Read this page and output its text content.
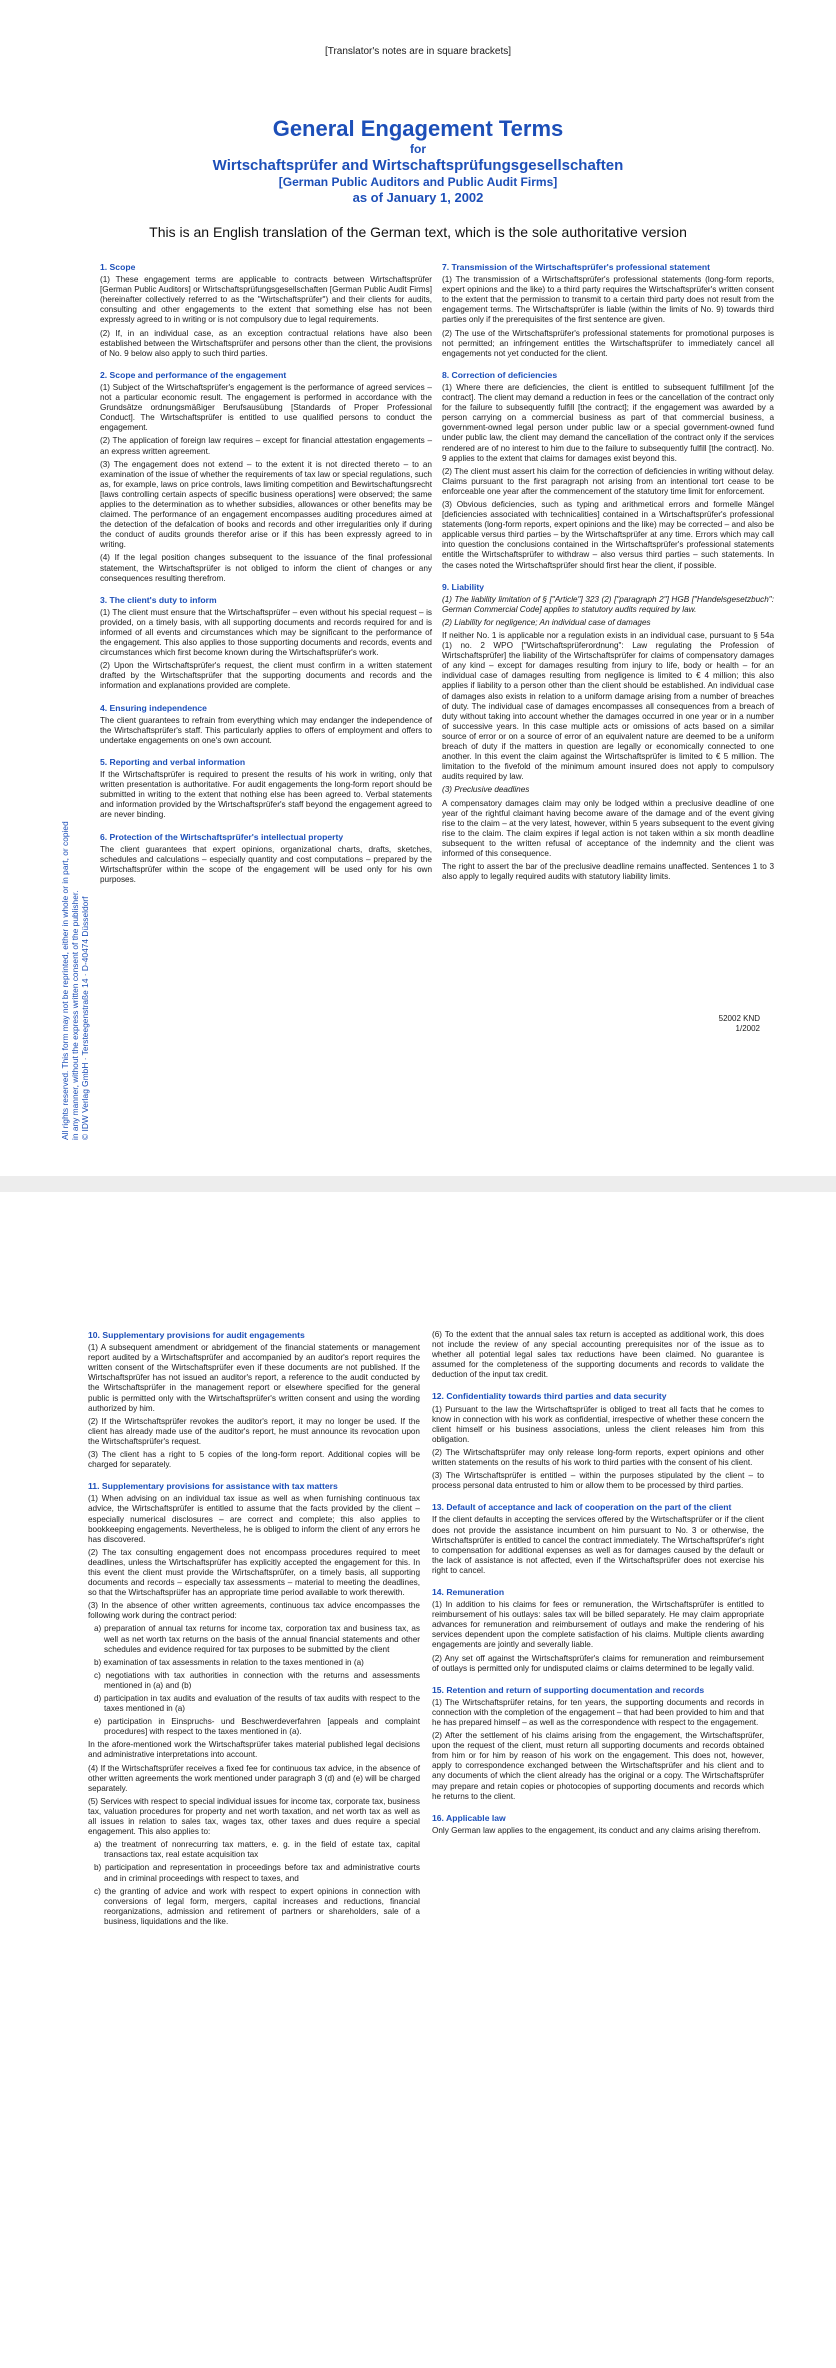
[Translator's notes are in square brackets]
General Engagement Terms
for
Wirtschaftsprüfer and Wirtschaftsprüfungsgesellschaften
[German Public Auditors and Public Audit Firms]
as of January 1, 2002
This is an English translation of the German text, which is the sole authoritative version
1. Scope
(1) These engagement terms are applicable to contracts between Wirtschaftsprüfer [German Public Auditors] or Wirtschaftsprüfungsgesellschaften [German Public Audit Firms] (hereinafter collectively referred to as the "Wirtschaftsprüfer") and their clients for audits, consulting and other engagements to the extent that something else has not been expressly agreed to in writing or is not compulsory due to legal requirements.
(2) If, in an individual case, as an exception contractual relations have also been established between the Wirtschaftsprüfer and persons other than the client, the provisions of No. 9 below also apply to such third parties.
2. Scope and performance of the engagement
(1) Subject of the Wirtschaftsprüfer's engagement is the performance of agreed services – not a particular economic result. The engagement is performed in accordance with the Grundsätze ordnungsmäßiger Berufsausübung [Standards of Proper Professional Conduct]. The Wirtschaftsprüfer is entitled to use qualified persons to conduct the engagement.
(2) The application of foreign law requires – except for financial attestation engagements – an express written agreement.
(3) The engagement does not extend – to the extent it is not directed thereto – to an examination of the issue of whether the requirements of tax law or special regulations, such as, for example, laws on price controls, laws limiting competition and Bewirtschaftungsrecht [laws controlling certain aspects of specific business operations] were observed; the same applies to the determination as to whether subsidies, allowances or other benefits may be claimed. The performance of an engagement encompasses auditing procedures aimed at the detection of the defalcation of books and records and other irregularities only if during the conduct of audits grounds therefor arise or if this has been expressly agreed to in writing.
(4) If the legal position changes subsequent to the issuance of the final professional statement, the Wirtschaftsprüfer is not obliged to inform the client of changes or any consequences resulting therefrom.
3. The client's duty to inform
(1) The client must ensure that the Wirtschaftsprüfer – even without his special request – is provided, on a timely basis, with all supporting documents and records required for and is informed of all events and circumstances which may be significant to the performance of the engagement. This also applies to those supporting documents and records, events and circumstances which first become known during the Wirtschaftsprüfer's work.
(2) Upon the Wirtschaftsprüfer's request, the client must confirm in a written statement drafted by the Wirtschaftsprüfer that the supporting documents and records and the information and explanations provided are complete.
4. Ensuring independence
The client guarantees to refrain from everything which may endanger the independence of the Wirtschaftsprüfer's staff. This particularly applies to offers of employment and offers to undertake engagements on one's own account.
5. Reporting and verbal information
If the Wirtschaftsprüfer is required to present the results of his work in writing, only that written presentation is authoritative. For audit engagements the long-form report should be submitted in writing to the extent that nothing else has been agreed to. Verbal statements and information provided by the Wirtschaftsprüfer's staff beyond the engagement agreed to are never binding.
6. Protection of the Wirtschaftsprüfer's intellectual property
The client guarantees that expert opinions, organizational charts, drafts, sketches, schedules and calculations – especially quantity and cost computations – prepared by the Wirtschaftsprüfer within the scope of the engagement will be used only for his own purposes.
7. Transmission of the Wirtschaftsprüfer's professional statement
(1) The transmission of a Wirtschaftsprüfer's professional statements (long-form reports, expert opinions and the like) to a third party requires the Wirtschaftsprüfer's written consent to the extent that the permission to transmit to a certain third party does not result from the engagement terms. The Wirtschaftsprüfer is liable (within the limits of No. 9) towards third parties only if the prerequisites of the first sentence are given.
(2) The use of the Wirtschaftsprüfer's professional statements for promotional purposes is not permitted; an infringement entitles the Wirtschaftsprüfer to immediately cancel all engagements not yet conducted for the client.
8. Correction of deficiencies
(1) Where there are deficiencies, the client is entitled to subsequent fulfillment [of the contract]. The client may demand a reduction in fees or the cancellation of the contract only for the failure to subsequently fulfill [the contract]; if the engagement was awarded by a person carrying on a commercial business as part of that commercial business, a government-owned legal person under public law or a special government-owned fund under public law, the client may demand the cancellation of the contract only if the services rendered are of no interest to him due to the failure to subsequently fulfill [the contract]. No. 9 applies to the extent that claims for damages exist beyond this.
(2) The client must assert his claim for the correction of deficiencies in writing without delay. Claims pursuant to the first paragraph not arising from an intentional tort cease to be enforceable one year after the commencement of the statutory time limit for enforcement.
(3) Obvious deficiencies, such as typing and arithmetical errors and formelle Mängel [deficiencies associated with technicalities] contained in a Wirtschaftsprüfer's professional statements (long-form reports, expert opinions and the like) may be corrected – and also be applicable versus third parties – by the Wirtschaftsprüfer at any time. Errors which may call into question the conclusions contained in the Wirtschaftsprüfer's professional statements entitle the Wirtschaftsprüfer to withdraw – also versus third parties – such statements. In the cases noted the Wirtschaftsprüfer should first hear the client, if possible.
9. Liability
(1) The liability limitation of § ["Article"] 323 (2) ["paragraph 2"] HGB ["Handelsgesetzbuch": German Commercial Code] applies to statutory audits required by law.
(2) Liability for negligence; An individual case of damages
If neither No. 1 is applicable nor a regulation exists in an individual case, pursuant to § 54a (1) no. 2 WPO ["Wirtschaftsprüferordnung": Law regulating the Profession of Wirtschaftsprüfer] the liability of the Wirtschaftsprüfer for claims of compensatory damages of any kind – except for damages resulting from injury to life, body or health – for an individual case of damages resulting from negligence is limited to € 4 million; this also applies if liability to a person other than the client should be established. An individual case of damages also exists in relation to a uniform damage arising from a number of breaches of duty. The individual case of damages encompasses all consequences from a breach of duty without taking into account whether the damages occurred in one year or in a number of successive years. In this case multiple acts or omissions of acts based on a similar source of error or on a source of error of an equivalent nature are deemed to be a uniform breach of duty if the matters in question are legally or economically connected to one another. In this event the claim against the Wirtschaftsprüfer is limited to € 5 million. The limitation to the fivefold of the minimum amount insured does not apply to compulsory audits required by law.
(3) Preclusive deadlines
A compensatory damages claim may only be lodged within a preclusive deadline of one year of the rightful claimant having become aware of the damage and of the event giving rise to the claim – at the very latest, however, within 5 years subsequent to the event giving rise to the claim. The claim expires if legal action is not taken within a six month deadline subsequent to the written refusal of acceptance of the indemnity and the client was informed of this consequence.
The right to assert the bar of the preclusive deadline remains unaffected. Sentences 1 to 3 also apply to legally required audits with statutory liability limits.
All rights reserved. This form may not be reprinted, either in whole or in part, or copied in any manner, without the express written consent of the publisher. © IDW Verlag GmbH · Tersteegenstraße 14 · D-40474 Düsseldorf	52002 KND
1/2002
10. Supplementary provisions for audit engagements
(1) A subsequent amendment or abridgement of the financial statements or management report audited by a Wirtschaftsprüfer and accompanied by an auditor's report requires the written consent of the Wirtschaftsprüfer even if these documents are not published. If the Wirtschaftsprüfer has not issued an auditor's report, a reference to the audit conducted by the Wirtschaftsprüfer in the management report or elsewhere specified for the general public is permitted only with the Wirtschaftsprüfer's written consent and using the wording authorized by him.
(2) If the Wirtschaftsprüfer revokes the auditor's report, it may no longer be used. If the client has already made use of the auditor's report, he must announce its revocation upon the Wirtschaftsprüfer's request.
(3) The client has a right to 5 copies of the long-form report. Additional copies will be charged for separately.
11. Supplementary provisions for assistance with tax matters
(1) When advising on an individual tax issue as well as when furnishing continuous tax advice, the Wirtschaftsprüfer is entitled to assume that the facts provided by the client – especially numerical disclosures – are correct and complete; this also applies to bookkeeping engagements. Nevertheless, he is obliged to inform the client of any errors he has discovered.
(2) The tax consulting engagement does not encompass procedures required to meet deadlines, unless the Wirtschaftsprüfer has explicitly accepted the engagement for this. In this event the client must provide the Wirtschaftsprüfer, on a timely basis, all supporting documents and records – especially tax assessments – material to meeting the deadlines, so that the Wirtschaftsprüfer has an appropriate time period available to work therewith.
(3) In the absence of other written agreements, continuous tax advice encompasses the following work during the contract period:
a) preparation of annual tax returns for income tax, corporation tax and business tax, as well as net worth tax returns on the basis of the annual financial statements and other schedules and evidence required for tax purposes to be submitted by the client
b) examination of tax assessments in relation to the taxes mentioned in (a)
c) negotiations with tax authorities in connection with the returns and assessments mentioned in (a) and (b)
d) participation in tax audits and evaluation of the results of tax audits with respect to the taxes mentioned in (a)
e) participation in Einspruchs- und Beschwerdeverfahren [appeals and complaint procedures] with respect to the taxes mentioned in (a).
In the afore-mentioned work the Wirtschaftsprüfer takes material published legal decisions and administrative interpretations into account.
(4) If the Wirtschaftsprüfer receives a fixed fee for continuous tax advice, in the absence of other written agreements the work mentioned under paragraph 3 (d) and (e) will be charged separately.
(5) Services with respect to special individual issues for income tax, corporate tax, business tax, valuation procedures for property and net worth taxation, and net worth tax as well as all issues in relation to sales tax, wages tax, other taxes and dues require a special engagement. This also applies to:
a) the treatment of nonrecurring tax matters, e. g. in the field of estate tax, capital transactions tax, real estate acquisition tax
b) participation and representation in proceedings before tax and administrative courts and in criminal proceedings with respect to taxes, and
c) the granting of advice and work with respect to expert opinions in connection with conversions of legal form, mergers, capital increases and reductions, financial reorganizations, admission and retirement of partners or shareholders, sale of a business, liquidations and the like.
(6) To the extent that the annual sales tax return is accepted as additional work, this does not include the review of any special accounting prerequisites nor of the issue as to whether all potential legal sales tax reductions have been claimed. No guarantee is assumed for the completeness of the supporting documents and records to validate the deduction of the input tax credit.
12. Confidentiality towards third parties and data security
(1) Pursuant to the law the Wirtschaftsprüfer is obliged to treat all facts that he comes to know in connection with his work as confidential, irrespective of whether these concern the client himself or his business associations, unless the client releases him from this obligation.
(2) The Wirtschaftsprüfer may only release long-form reports, expert opinions and other written statements on the results of his work to third parties with the consent of his client.
(3) The Wirtschaftsprüfer is entitled – within the purposes stipulated by the client – to process personal data entrusted to him or allow them to be processed by third parties.
13. Default of acceptance and lack of cooperation on the part of the client
If the client defaults in accepting the services offered by the Wirtschaftsprüfer or if the client does not provide the assistance incumbent on him pursuant to No. 3 or otherwise, the Wirtschaftsprüfer is entitled to cancel the contract immediately. The Wirtschaftsprüfer's right to compensation for additional expenses as well as for damages caused by the default or the lack of assistance is not affected, even if the Wirtschaftsprüfer does not exercise his right to cancel.
14. Remuneration
(1) In addition to his claims for fees or remuneration, the Wirtschaftsprüfer is entitled to reimbursement of his outlays: sales tax will be billed separately. He may claim appropriate advances for remuneration and reimbursement of outlays and make the rendering of his services dependent upon the complete satisfaction of his claims. Multiple clients awarding engagements are jointly and severally liable.
(2) Any set off against the Wirtschaftsprüfer's claims for remuneration and reimbursement of outlays is permitted only for undisputed claims or claims determined to be legally valid.
15. Retention and return of supporting documentation and records
(1) The Wirtschaftsprüfer retains, for ten years, the supporting documents and records in connection with the completion of the engagement – that had been provided to him and that he has prepared himself – as well as the correspondence with respect to the engagement.
(2) After the settlement of his claims arising from the engagement, the Wirtschaftsprüfer, upon the request of the client, must return all supporting documents and records obtained from him or for him by reason of his work on the engagement. This does not, however, apply to correspondence exchanged between the Wirtschaftsprüfer and his client and to any documents of which the client already has the original or a copy. The Wirtschaftsprüfer may prepare and retain copies or photocopies of supporting documents and records which he returns to the client.
16. Applicable law
Only German law applies to the engagement, its conduct and any claims arising therefrom.
